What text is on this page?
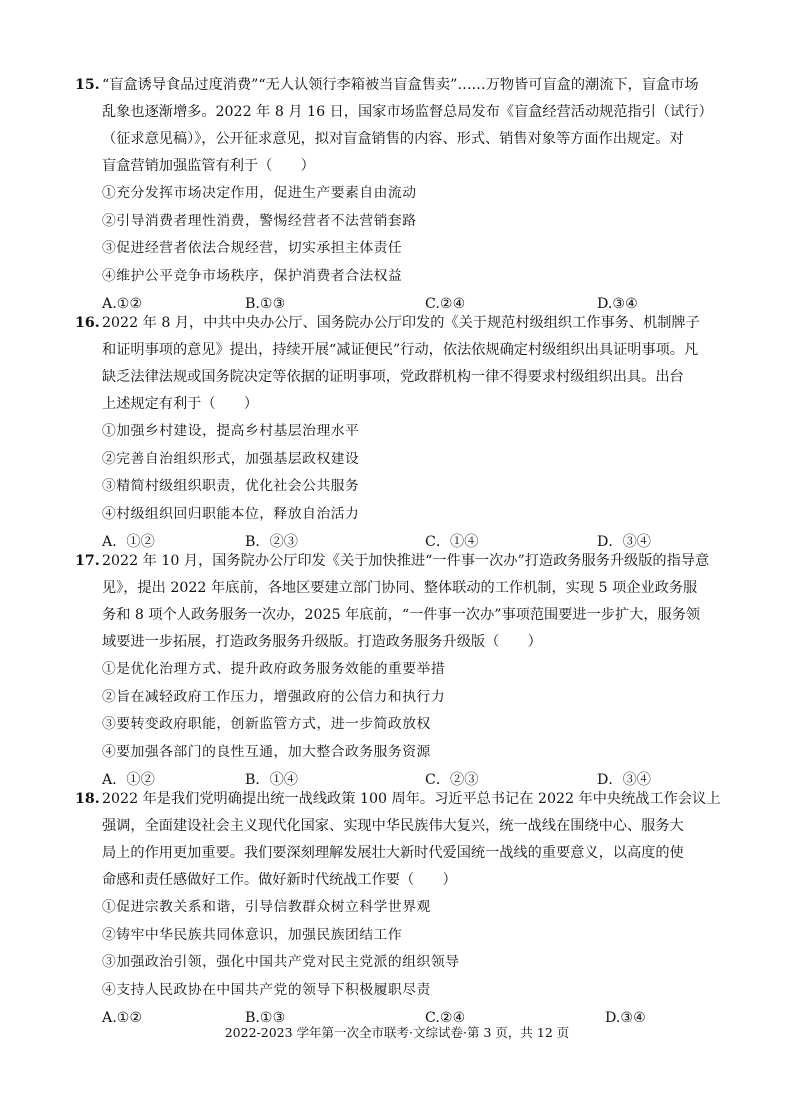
15. “盲盒诱导食品过度消费”“无人认领行李箱被当盲盒售卖”……万物皆可盲盒的潮流下，盲盒市场
乱象也逐渐增多。2022 年 8 月 16 日，国家市场监督总局发布《盲盒经营活动规范指引（试行）
（征求意见稿）》，公开征求意见，拟对盲盒销售的内容、形式、销售对象等方面作出规定。对
盲盒营销加强监管有利于（　　）
①充分发挥市场决定作用，促进生产要素自由流动
②引导消费者理性消费，警惕经营者不法营销套路
③促进经营者依法合规经营，切实承担主体责任
④维护公平竞争市场秩序，保护消费者合法权益
A.①②	B.①③	C.②④	D.③④
16. 2022 年 8 月，中共中央办公厅、国务院办公厅印发的《关于规范村级组织工作事务、机制牌子
和证明事项的意见》提出，持续开展“减证便民”行动，依法依规确定村级组织出具证明事项。凡
缺乏法律法规或国务院决定等依据的证明事项，党政群机构一律不得要求村级组织出具。出台
上述规定有利于（　　）
①加强乡村建设，提高乡村基层治理水平
②完善自治组织形式，加强基层政权建设
③精简村级组织职责，优化社会公共服务
④村级组织回归职能本位，释放自治活力
A．①②	B．②③	C．①④	D．③④
17. 2022 年 10 月，国务院办公厅印发《关于加快推进“一件事一次办”打造政务服务升级版的指导意
见》，提出 2022 年底前，各地区要建立部门协同、整体联动的工作机制，实现 5 项企业政务服
务和 8 项个人政务服务一次办，2025 年底前，“一件事一次办”事项范围要进一步扩大，服务领
域要进一步拓展，打造政务服务升级版。打造政务服务升级版（　　）
①是优化治理方式、提升政府政务服务效能的重要举措
②旨在减轻政府工作压力，增强政府的公信力和执行力
③要转变政府职能，创新监管方式，进一步简政放权
④要加强各部门的良性互通，加大整合政务服务资源
A．①②	B．①④	C．②③	D．③④
18. 2022 年是我们党明确提出统一战线政策 100 周年。习近平总书记在 2022 年中央统战工作会议上
强调，全面建设社会主义现代化国家、实现中华民族伟大复兴，统一战线在围绕中心、服务大
局上的作用更加重要。我们要深刻理解发展壮大新时代爱国统一战线的重要意义，以高度的使
命感和责任感做好工作。做好新时代统战工作要（　　）
①促进宗教关系和谐，引导信教群众树立科学世界观
②铸牢中华民族共同体意识，加强民族团结工作
③加强政治引领，强化中国共产党对民主党派的组织领导
④支持人民政协在中国共产党的领导下积极履职尽责
A.①②	B.①③	C.②④	D.③④
2022-2023 学年第一次全市联考·文综试卷·第 3 页，共 12 页
